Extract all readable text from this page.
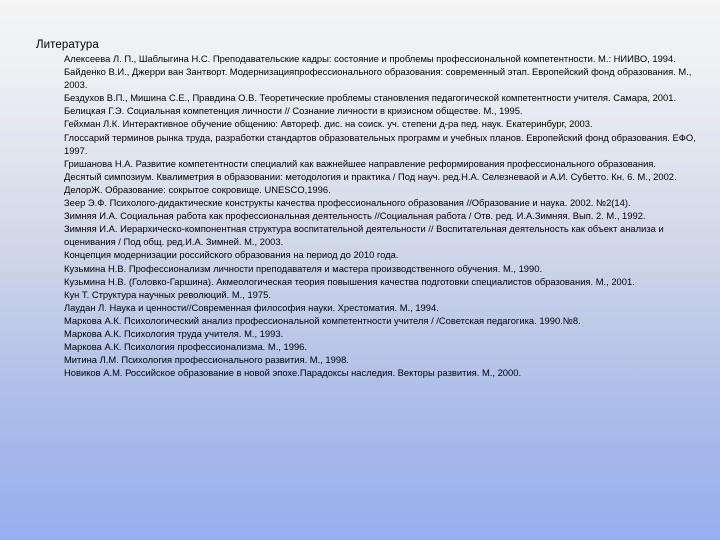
Литература
Алексеева Л. П., Шаблыгина Н.С. Преподавательские кадры: состояние и проблемы профессиональной компетентности. М.: НИИВО, 1994.
Байденко В.И., Джерри ван Зантворт. Модернизацияпрофессионального образования: современный этап. Европейский фонд образования. М., 2003.
Бездухов В.П., Мишина С.Е., Правдина О.В. Теоретические проблемы становления педагогической компетентности учителя. Самара, 2001.
Белицкая Г.Э. Социальная компетенция личности // Сознание личности в кризисном обществе. М., 1995.
Гейхман Л.К. Интерактивное обучение общению: Автореф. дис. на соиск. уч. степени д-ра пед. наук. Екатеринбург, 2003.
Глоссарий терминов рынка труда, разработки стандартов образовательных программ и учебных планов. Европейский фонд образования. ЕФО, 1997.
Гришанова Н.А. Развитие компетентности специалий как важнейшее направление реформирования профессионального образования. Десятый симпозиум. Квалиметрия в образовании: методология и практика / Под науч. ред.Н.А. Селезневаой и А.И. Субетто. Кн. 6. М., 2002.
ДелорЖ. Образование: сокрытое сокровище. UNESCO,1996.
Зеер Э.Ф. Психолого-дидактические конструкты качества профессионального образования //Образование и наука. 2002. №2(14).
Зимняя И.А. Социальная работа как профессиональная деятельность //Социальная работа / Отв. ред. И.А.Зимняя. Вып. 2. М., 1992.
Зимняя И.А. Иерархическо-компонентная структура воспитательной деятельности // Воспитательная деятельность как объект анализа и оценивания / Под общ. ред.И.А. Зимней. М., 2003.
Концепция модернизации российского образования на период до 2010 года.
Кузьмина Н.В. Профессионализм личности преподавателя и мастера производственного обучения. М., 1990.
Кузьмина Н.В. (Головко-Гаршина). Акмеологическая теория повышения качества подготовки специалистов образования. М., 2001.
Кун Т. Структура научных революций. М., 1975.
Лаудан Л. Наука и ценности//Современная философия науки. Хрестоматия. М., 1994.
Маркова А.К. Психологический анализ профессиональной компетентности учителя / /Советская педагогика. 1990.№8.
Маркова А.К. Психология труда учителя. М., 1993.
Маркова А.К. Психология профессионализма. М., 1996.
Митина Л.М. Психология профессионального развития. М., 1998.
Новиков А.М. Российское образование в новой эпохе.Парадоксы наследия. Векторы развития. М., 2000.
